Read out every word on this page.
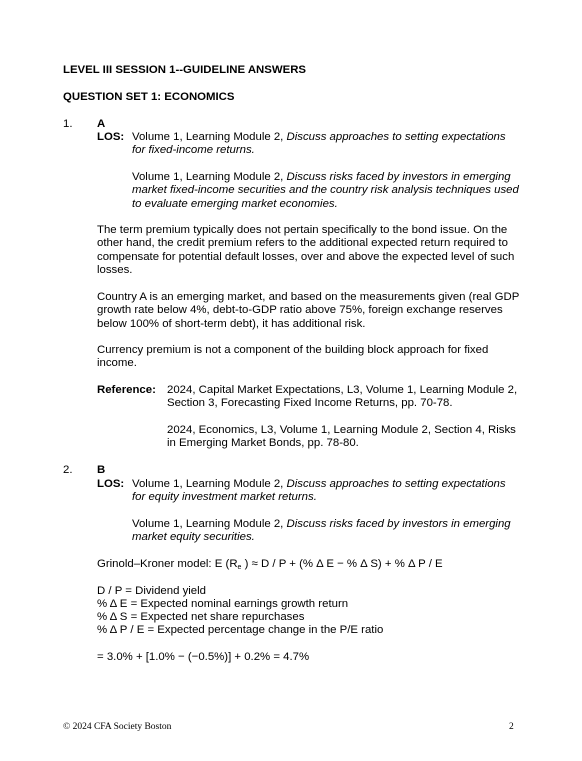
LEVEL III SESSION 1--GUIDELINE ANSWERS
QUESTION SET 1: ECONOMICS
1. A
LOS: Volume 1, Learning Module 2, Discuss approaches to setting expectations for fixed-income returns.

Volume 1, Learning Module 2, Discuss risks faced by investors in emerging market fixed-income securities and the country risk analysis techniques used to evaluate emerging market economies.

The term premium typically does not pertain specifically to the bond issue. On the other hand, the credit premium refers to the additional expected return required to compensate for potential default losses, over and above the expected level of such losses.

Country A is an emerging market, and based on the measurements given (real GDP growth rate below 4%, debt-to-GDP ratio above 75%, foreign exchange reserves below 100% of short-term debt), it has additional risk.

Currency premium is not a component of the building block approach for fixed income.

Reference: 2024, Capital Market Expectations, L3, Volume 1, Learning Module 2, Section 3, Forecasting Fixed Income Returns, pp. 70-78.

2024, Economics, L3, Volume 1, Learning Module 2, Section 4, Risks in Emerging Market Bonds, pp. 78-80.

2. B
LOS: Volume 1, Learning Module 2, Discuss approaches to setting expectations for equity investment market returns.

Volume 1, Learning Module 2, Discuss risks faced by investors in emerging market equity securities.

Grinold–Kroner model: E ($R_e$ ) ≈ D / P + (% Δ E − % Δ S) + % Δ P / E

D / P = Dividend yield
% Δ E = Expected nominal earnings growth return
% Δ S = Expected net share repurchases
% Δ P / E = Expected percentage change in the P/E ratio
= 3.0% + [1.0% − (−0.5%)] + 0.2% = 4.7%
© 2024 CFA Society Boston	2
